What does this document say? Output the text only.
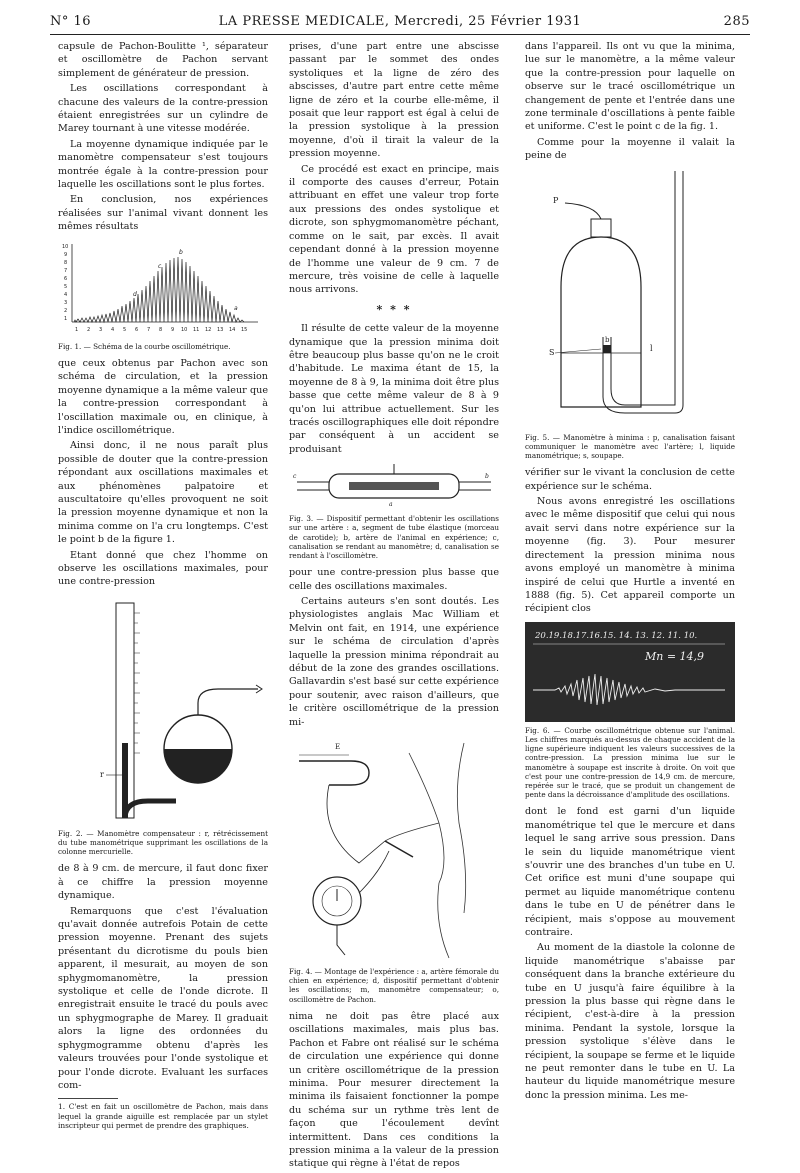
N° 16	LA PRESSE MEDICALE, Mercredi, 25 Février 1931	285

capsule de Pachon-Boulitte ¹, séparateur et oscillomètre de Pachon servant simplement de générateur de pression.

Les oscillations correspondant à chacune des valeurs de la contre-pression étaient enregistrées sur un cylindre de Marey tournant à une vitesse modérée.

La moyenne dynamique indiquée par le manomètre compensateur s'est toujours montrée égale à la contre-pression pour laquelle les oscillations sont le plus fortes.

En conclusion, nos expériences réalisées sur l'animal vivant donnent les mêmes résultats

10
9
8
7
6
5
4
3
2
1
1 2 3 4 5 6 7 8 9 10 11 12 13 14 15
b
c
d
a

Fig. 1. — Schéma de la courbe oscillométrique.

que ceux obtenus par Pachon avec son schéma de circulation, et la pression moyenne dynamique a la même valeur que la contre-pression correspondant à l'oscillation maximale ou, en clinique, à l'indice oscillométrique.

Ainsi donc, il ne nous paraît plus possible de douter que la contre-pression répondant aux oscillations maximales et aux phénomènes palpatoire et auscultatoire qu'elles provoquent ne soit la pression moyenne dynamique et non la minima comme on l'a cru longtemps. C'est le point b de la figure 1.

Etant donné que chez l'homme on observe les oscillations maximales, pour une contre-pression

r

Fig. 2. — Manomètre compensateur : r, rétrécissement du tube manométrique supprimant les oscillations de la colonne mercurielle.

de 8 à 9 cm. de mercure, il faut donc fixer à ce chiffre la pression moyenne dynamique.

Remarquons que c'est l'évaluation qu'avait donnée autrefois Potain de cette pression moyenne. Prenant des sujets présentant du dicrotisme du pouls bien apparent, il mesurait, au moyen de son sphygmomanomètre, la pression systolique et celle de l'onde dicrote. Il enregistrait ensuite le tracé du pouls avec un sphygmographe de Marey. Il graduait alors la ligne des ordonnées du sphygmogramme obtenu d'après les valeurs trouvées pour l'onde systolique et pour l'onde dicrote. Evaluant les surfaces com-

1. C'est en fait un oscillomètre de Pachon, mais dans lequel la grande aiguille est remplacée par un stylet inscripteur qui permet de prendre des graphiques.

prises, d'une part entre une abscisse passant par le sommet des ondes systoliques et la ligne de zéro des abscisses, d'autre part entre cette même ligne de zéro et la courbe elle-même, il posait que leur rapport est égal à celui de la pression systolique à la pression moyenne, d'où il tirait la valeur de la pression moyenne.

Ce procédé est exact en principe, mais il comporte des causes d'erreur, Potain attribuant en effet une valeur trop forte aux pressions des ondes systolique et dicrote, son sphygmomanomètre péchant, comme on le sait, par excès. Il avait cependant donné à la pression moyenne de l'homme une valeur de 9 cm. 7 de mercure, très voisine de celle à laquelle nous arrivons.

* * *

Il résulte de cette valeur de la moyenne dynamique que la pression minima doit être beaucoup plus basse qu'on ne le croit d'habitude. Le maxima étant de 15, la moyenne de 8 à 9, la minima doit être plus basse que cette même valeur de 8 à 9 qu'on lui attribue actuellement. Sur les tracés oscillographiques elle doit répondre par conséquent à un accident se produisant

c
a
b

Fig. 3. — Dispositif permettant d'obtenir les oscillations sur une artère : a, segment de tube élastique (morceau de carotide); b, artère de l'animal en expérience; c, canalisation se rendant au manomètre; d, canalisation se rendant à l'oscillomètre.

pour une contre-pression plus basse que celle des oscillations maximales.

Certains auteurs s'en sont doutés. Les physiologistes anglais Mac William et Melvin ont fait, en 1914, une expérience sur le schéma de circulation d'après laquelle la pression minima répondrait au début de la zone des grandes oscillations. Gallavardin s'est basé sur cette expérience pour soutenir, avec raison d'ailleurs, que le critère oscillométrique de la pression mi-

E

Fig. 4. — Montage de l'expérience : a, artère fémorale du chien en expérience; d, dispositif permettant d'obtenir les oscillations; m, manomètre compensateur; o, oscillomètre de Pachon.

nima ne doit pas être placé aux oscillations maximales, mais plus bas. Pachon et Fabre ont réalisé sur le schéma de circulation une expérience qui donne un critère oscillométrique de la pression minima. Pour mesurer directement la minima ils faisaient fonctionner la pompe du schéma sur un rythme très lent de façon que l'écoulement devînt intermittent. Dans ces conditions la pression minima a la valeur de la pression statique qui règne à l'état de repos

dans l'appareil. Ils ont vu que la minima, lue sur le manomètre, a la même valeur que la contre-pression pour laquelle on observe sur le tracé oscillométrique un changement de pente et l'entrée dans une zone terminale d'oscillations à pente faible et uniforme. C'est le point c de la fig. 1.

Comme pour la moyenne il valait la peine de

P
b
l
S

Fig. 5. — Manomètre à minima : p, canalisation faisant communiquer le manomètre avec l'artère; l, liquide manométrique; s, soupape.

vérifier sur le vivant la conclusion de cette expérience sur le schéma.

Nous avons enregistré les oscillations avec le même dispositif que celui qui nous avait servi dans notre expérience sur la moyenne (fig. 3). Pour mesurer directement la pression minima nous avons employé un manomètre à minima inspiré de celui que Hurtle a inventé en 1888 (fig. 5). Cet appareil comporte un récipient clos

20.19.18.17.16.15. 14. 13. 12. 11. 10.
Mn = 14,9

Fig. 6. — Courbe oscillométrique obtenue sur l'animal. Les chiffres marqués au-dessus de chaque accident de la ligne supérieure indiquent les valeurs successives de la contre-pression. La pression minima lue sur le manomètre à soupape est inscrite à droite. On voit que c'est pour une contre-pression de 14,9 cm. de mercure, repérée sur le tracé, que se produit un changement de pente dans la décroissance d'amplitude des oscillations.

dont le fond est garni d'un liquide manométrique tel que le mercure et dans lequel le sang arrive sous pression. Dans le sein du liquide manométrique vient s'ouvrir une des branches d'un tube en U. Cet orifice est muni d'une soupape qui permet au liquide manométrique contenu dans le tube en U de pénétrer dans le récipient, mais s'oppose au mouvement contraire.

Au moment de la diastole la colonne de liquide manométrique s'abaisse par conséquent dans la branche extérieure du tube en U jusqu'à faire équilibre à la pression la plus basse qui règne dans le récipient, c'est-à-dire à la pression minima. Pendant la systole, lorsque la pression systolique s'élève dans le récipient, la soupape se ferme et le liquide ne peut remonter dans le tube en U. La hauteur du liquide manométrique mesure donc la pression minima. Les me-
